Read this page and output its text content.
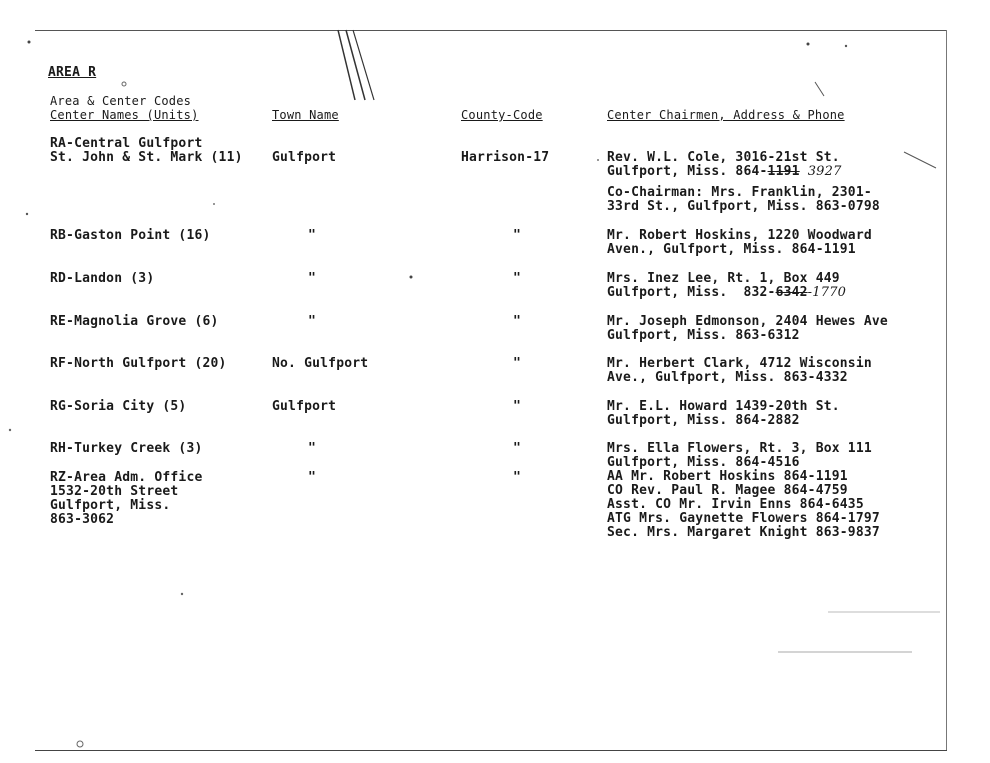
AREA R
Area & Center Codes
Center Names (Units)	Town Name	County-Code	Center Chairmen, Address & Phone
RA-Central Gulfport
St. John & St. Mark (11) Gulfport	Harrison-17	Rev. W.L. Cole, 3016-21st St.
Gulfport, Miss. 864-1191 3927
Co-Chairman: Mrs. Franklin, 2301-
33rd St., Gulfport, Miss. 863-0798
RB-Gaston Point (16)	"	"	Mr. Robert Hoskins, 1220 Woodward
Aven., Gulfport, Miss. 864-1191
RD-Landon (3)	"	"	Mrs. Inez Lee, Rt. 1, Box 449
Gulfport, Miss.  832-6342-1770
RE-Magnolia Grove (6)	"	"	Mr. Joseph Edmonson, 2404 Hewes Ave
Gulfport, Miss. 863-6312
RF-North Gulfport (20)	No. Gulfport	"	Mr. Herbert Clark, 4712 Wisconsin
Ave., Gulfport, Miss. 863-4332
RG-Soria City (5)	Gulfport	"	Mr. E.L. Howard 1439-20th St.
Gulfport, Miss. 864-2882
RH-Turkey Creek (3)	"	"	Mrs. Ella Flowers, Rt. 3, Box 111
Gulfport, Miss. 864-4516
RZ-Area Adm. Office
1532-20th Street
Gulfport, Miss.
863-3062
"	"	AA Mr. Robert Hoskins 864-1191
CO Rev. Paul R. Magee 864-4759
Asst. CO Mr. Irvin Enns 864-6435
ATG Mrs. Gaynette Flowers 864-1797
Sec. Mrs. Margaret Knight 863-9837
